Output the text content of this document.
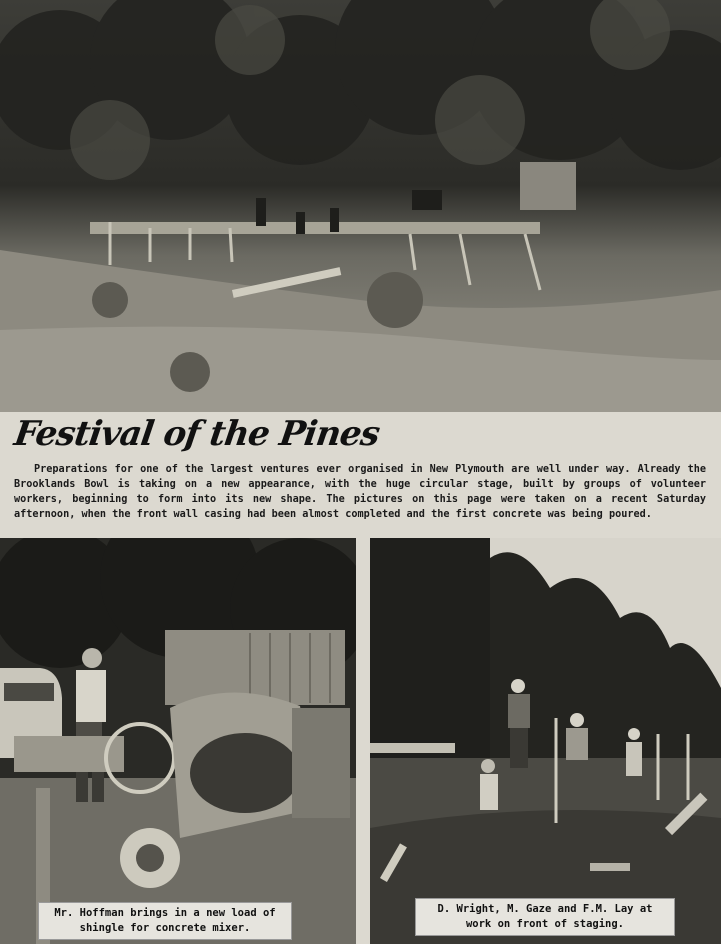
Festival of the Pines
Preparations for one of the largest ventures ever organised in New Plymouth are well under way. Already the Brooklands Bowl is taking on a new appearance, with the huge circular stage, built by groups of volunteer workers, beginning to form into its new shape. The pictures on this page were taken on a recent Saturday afternoon, when the front wall casing had been almost completed and the first concrete was being poured.
Mr. Hoffman brings in a new load of shingle for concrete mixer.
D. Wright, M. Gaze and F.M. Lay at work on front of staging.
